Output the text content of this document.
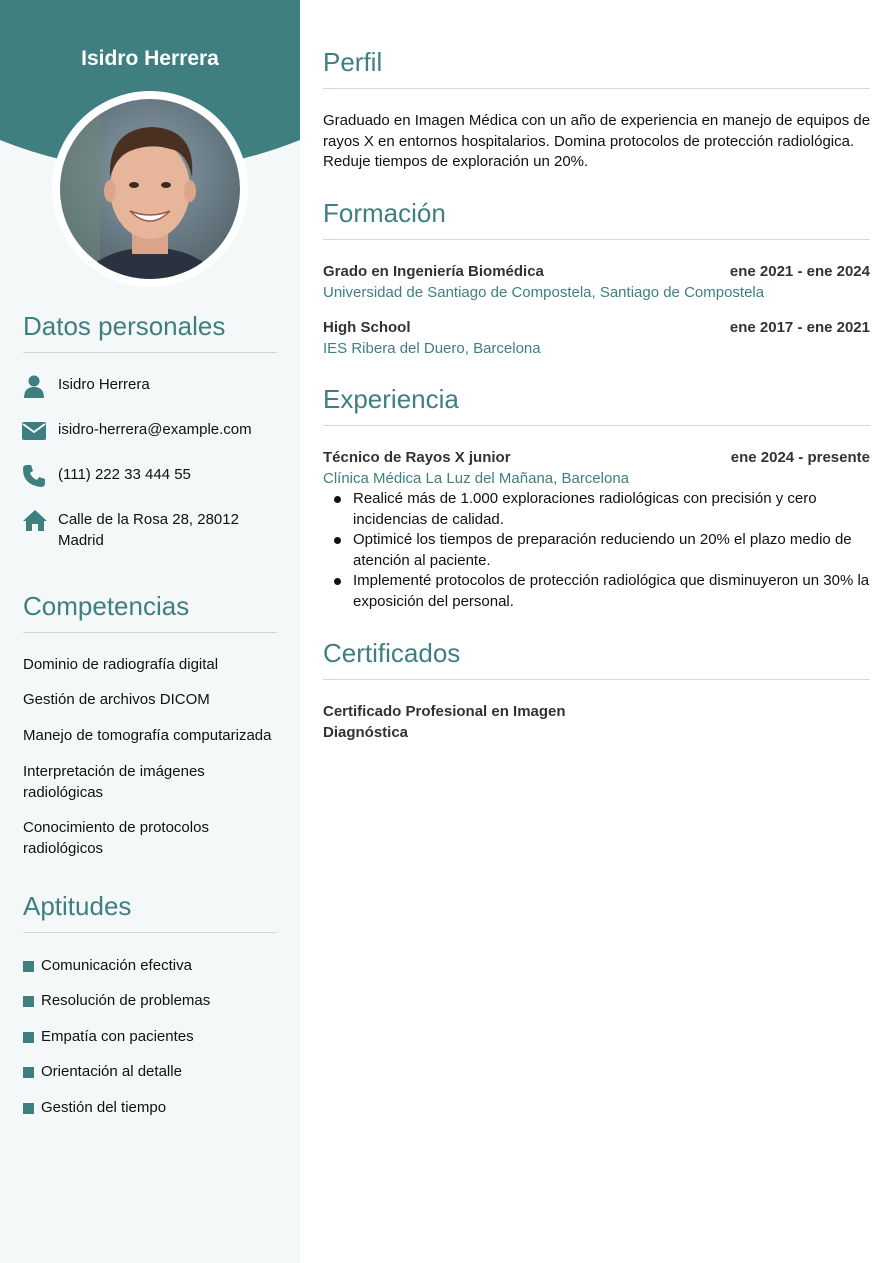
Isidro Herrera
Datos personales
Isidro Herrera
isidro-herrera@example.com
(111) 222 33 444 55
Calle de la Rosa 28, 28012 Madrid
Competencias
Dominio de radiografía digital
Gestión de archivos DICOM
Manejo de tomografía computarizada
Interpretación de imágenes radiológicas
Conocimiento de protocolos radiológicos
Aptitudes
Comunicación efectiva
Resolución de problemas
Empatía con pacientes
Orientación al detalle
Gestión del tiempo
Perfil
Graduado en Imagen Médica con un año de experiencia en manejo de equipos de rayos X en entornos hospitalarios. Domina protocolos de protección radiológica. Reduje tiempos de exploración un 20%.
Formación
Grado en Ingeniería Biomédica	ene 2021 - ene 2024
Universidad de Santiago de Compostela, Santiago de Compostela
High School	ene 2017 - ene 2021
IES Ribera del Duero, Barcelona
Experiencia
Técnico de Rayos X junior	ene 2024 - presente
Clínica Médica La Luz del Mañana, Barcelona
Realicé más de 1.000 exploraciones radiológicas con precisión y cero incidencias de calidad.
Optimicé los tiempos de preparación reduciendo un 20% el plazo medio de atención al paciente.
Implementé protocolos de protección radiológica que disminuyeron un 30% la exposición del personal.
Certificados
Certificado Profesional en Imagen Diagnóstica
